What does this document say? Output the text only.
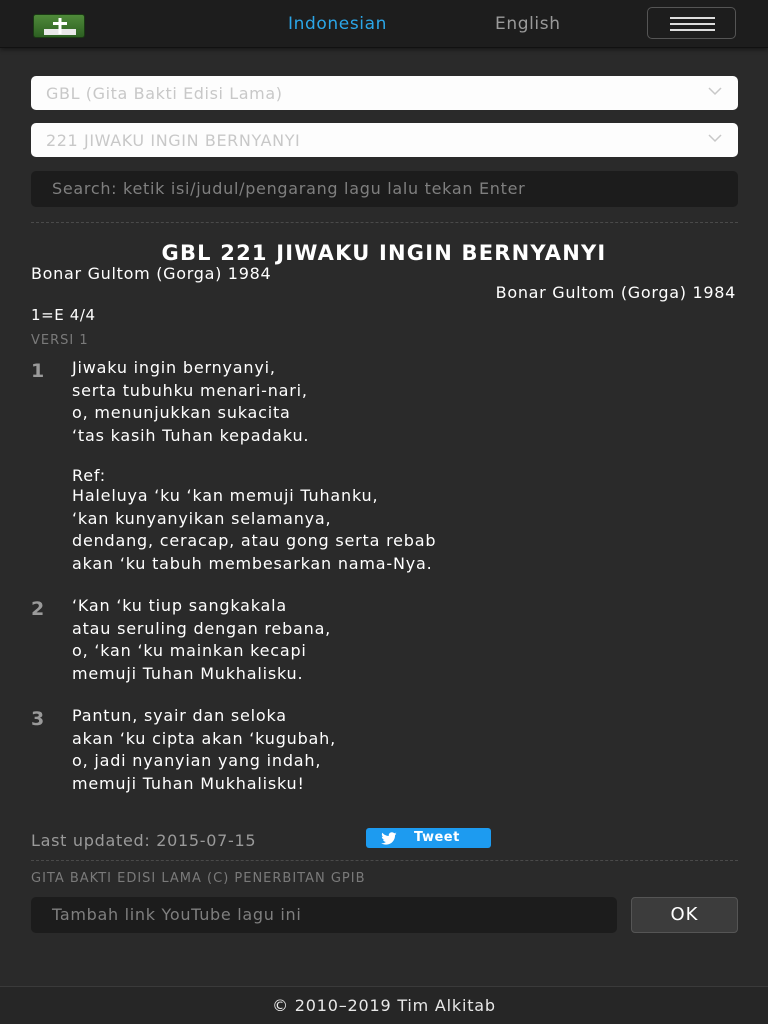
Indonesian	English
GBL (Gita Bakti Edisi Lama)
221 JIWAKU INGIN BERNYANYI
Search: ketik isi/judul/pengarang lagu lalu tekan Enter
GBL 221 JIWAKU INGIN BERNYANYI
Bonar Gultom (Gorga) 1984
Bonar Gultom (Gorga) 1984
1=E 4/4
VERSI 1
1 Jiwaku ingin bernyanyi,
serta tubuhku menari-nari,
o, menunjukkan sukacita
‘tas kasih Tuhan kepadaku.
Ref:
Haleluya ‘ku ‘kan memuji Tuhanku,
‘kan kunyanyikan selamanya,
dendang, ceracap, atau gong serta rebab
akan ‘ku tabuh membesarkan nama-Nya.
2 ‘Kan ‘ku tiup sangkakala
atau seruling dengan rebana,
o, ‘kan ‘ku mainkan kecapi
memuji Tuhan Mukhalisku.
3 Pantun, syair dan seloka
akan ‘ku cipta akan ‘kugubah,
o, jadi nyanyian yang indah,
memuji Tuhan Mukhalisku!
Last updated: 2015-07-15	Tweet
GITA BAKTI EDISI LAMA (C) PENERBITAN GPIB
Tambah link YouTube lagu ini	OK
© 2010–2019 Tim Alkitab
